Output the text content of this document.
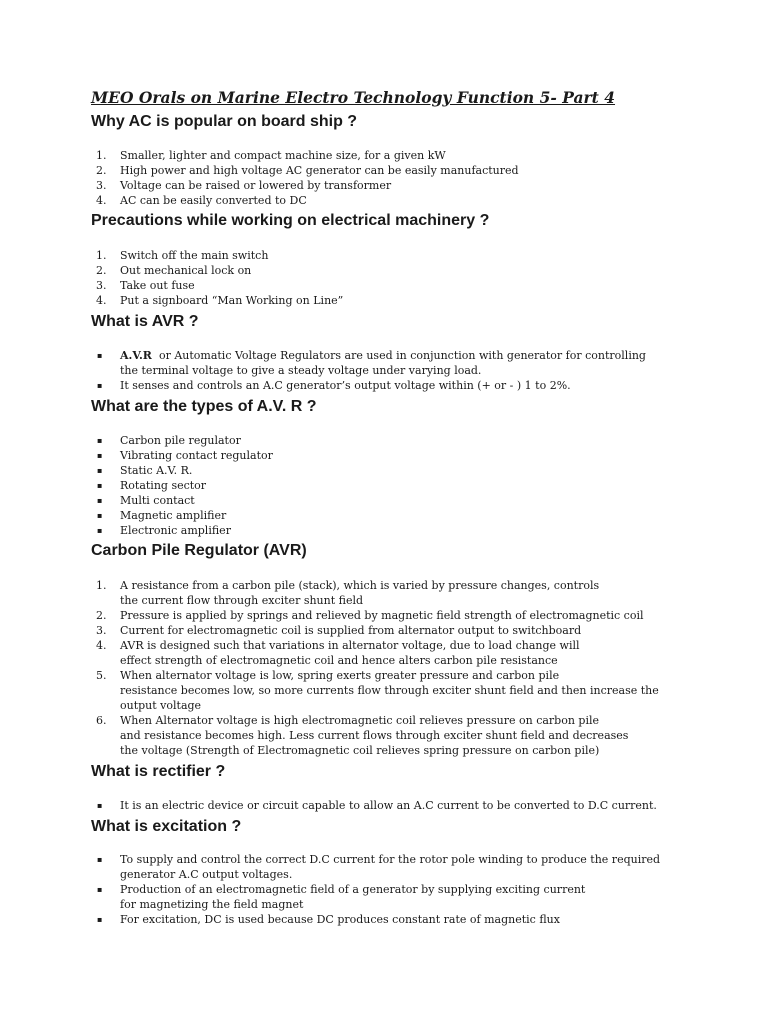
MEO Orals on Marine Electro Technology Function 5- Part 4
Why AC is popular on board ship ?
1. Smaller, lighter and compact machine size, for a given kW
2. High power and high voltage AC generator can be easily manufactured
3. Voltage can be raised or lowered by transformer
4. AC can be easily converted to DC
Precautions while working on electrical machinery ?
1. Switch off the main switch
2. Out mechanical lock on
3. Take out fuse
4. Put a signboard “Man Working on Line”
What is AVR ?
▪ A.V.R  or Automatic Voltage Regulators are used in conjunction with generator for controlling
the terminal voltage to give a steady voltage under varying load.
▪ It senses and controls an A.C generator’s output voltage within (+ or - ) 1 to 2%.
What are the types of A.V. R ?
▪ Carbon pile regulator
▪ Vibrating contact regulator
▪ Static A.V. R.
▪ Rotating sector
▪ Multi contact
▪ Magnetic amplifier
▪ Electronic amplifier
Carbon Pile Regulator (AVR)
1. A resistance from a carbon pile (stack), which is varied by pressure changes, controls
the current flow through exciter shunt field
2. Pressure is applied by springs and relieved by magnetic field strength of electromagnetic coil
3. Current for electromagnetic coil is supplied from alternator output to switchboard
4. AVR is designed such that variations in alternator voltage, due to load change will
effect strength of electromagnetic coil and hence alters carbon pile resistance
5. When alternator voltage is low, spring exerts greater pressure and carbon pile
resistance becomes low, so more currents flow through exciter shunt field and then increase the
output voltage
6. When Alternator voltage is high electromagnetic coil relieves pressure on carbon pile
and resistance becomes high. Less current flows through exciter shunt field and decreases
the voltage (Strength of Electromagnetic coil relieves spring pressure on carbon pile)
What is rectifier ?
▪ It is an electric device or circuit capable to allow an A.C current to be converted to D.C current.
What is excitation ?
▪ To supply and control the correct D.C current for the rotor pole winding to produce the required
generator A.C output voltages.
▪ Production of an electromagnetic field of a generator by supplying exciting current
for magnetizing the field magnet
▪ For excitation, DC is used because DC produces constant rate of magnetic flux
